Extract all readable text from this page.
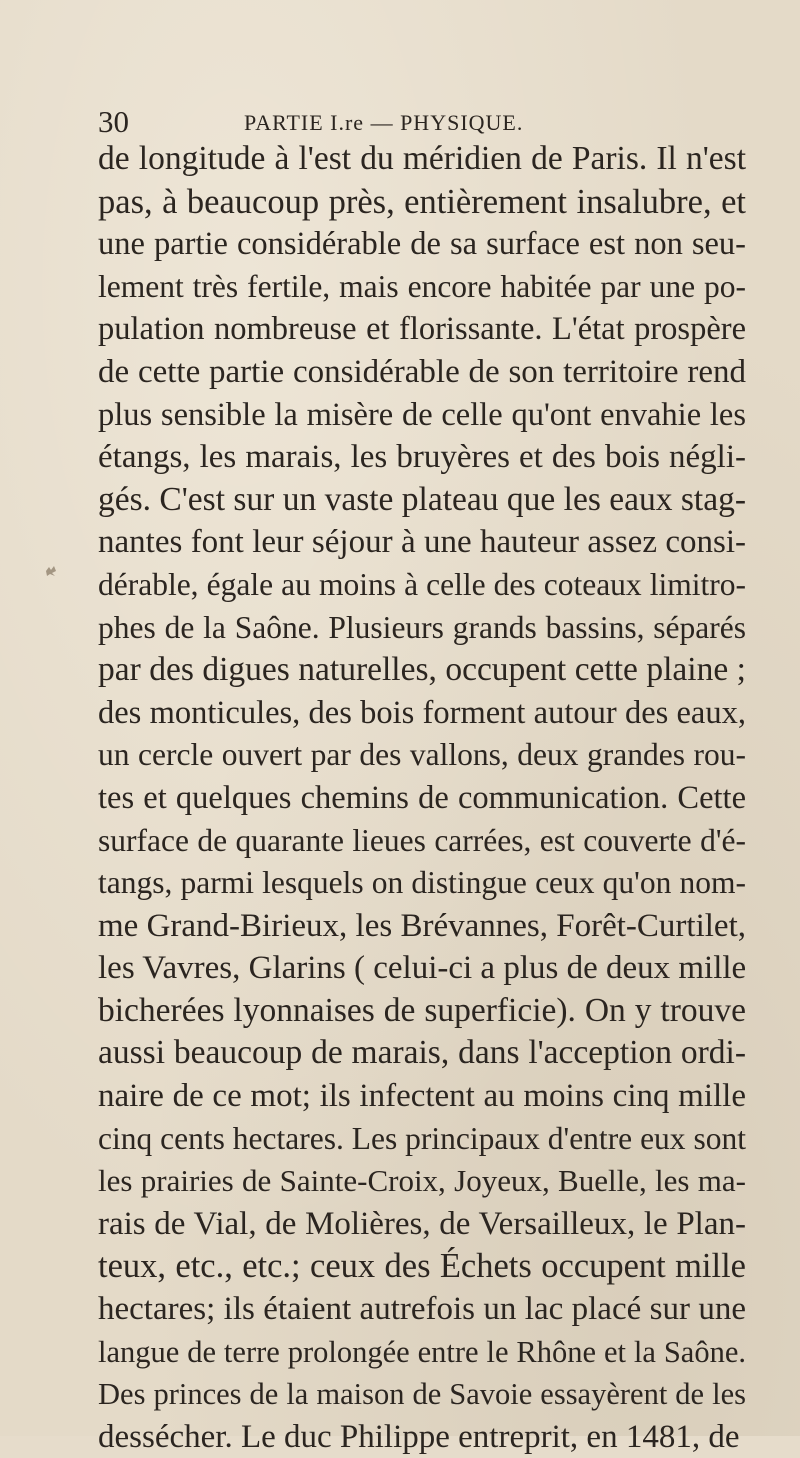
30	PARTIE I.re — PHYSIQUE.
de longitude à l'est du méridien de Paris. Il n'est
pas, à beaucoup près, entièrement insalubre, et
une partie considérable de sa surface est non seu-
lement très fertile, mais encore habitée par une po-
pulation nombreuse et florissante. L'état prospère
de cette partie considérable de son territoire rend
plus sensible la misère de celle qu'ont envahie les
étangs, les marais, les bruyères et des bois négli-
gés. C'est sur un vaste plateau que les eaux stag-
nantes font leur séjour à une hauteur assez consi-
dérable, égale au moins à celle des coteaux limitro-
phes de la Saône. Plusieurs grands bassins, séparés
par des digues naturelles, occupent cette plaine ;
des monticules, des bois forment autour des eaux,
un cercle ouvert par des vallons, deux grandes rou-
tes et quelques chemins de communication. Cette
surface de quarante lieues carrées, est couverte d'é-
tangs, parmi lesquels on distingue ceux qu'on nom-
me Grand-Birieux, les Brévannes, Forêt-Curtilet,
les Vavres, Glarins ( celui-ci a plus de deux mille
bicherées lyonnaises de superficie). On y trouve
aussi beaucoup de marais, dans l'acception ordi-
naire de ce mot; ils infectent au moins cinq mille
cinq cents hectares. Les principaux d'entre eux sont
les prairies de Sainte-Croix, Joyeux, Buelle, les ma-
rais de Vial, de Molières, de Versailleux, le Plan-
teux, etc., etc.; ceux des Échets occupent mille
hectares; ils étaient autrefois un lac placé sur une
langue de terre prolongée entre le Rhône et la Saône.
Des princes de la maison de Savoie essayèrent de les
dessécher. Le duc Philippe entreprit, en 1481, de
